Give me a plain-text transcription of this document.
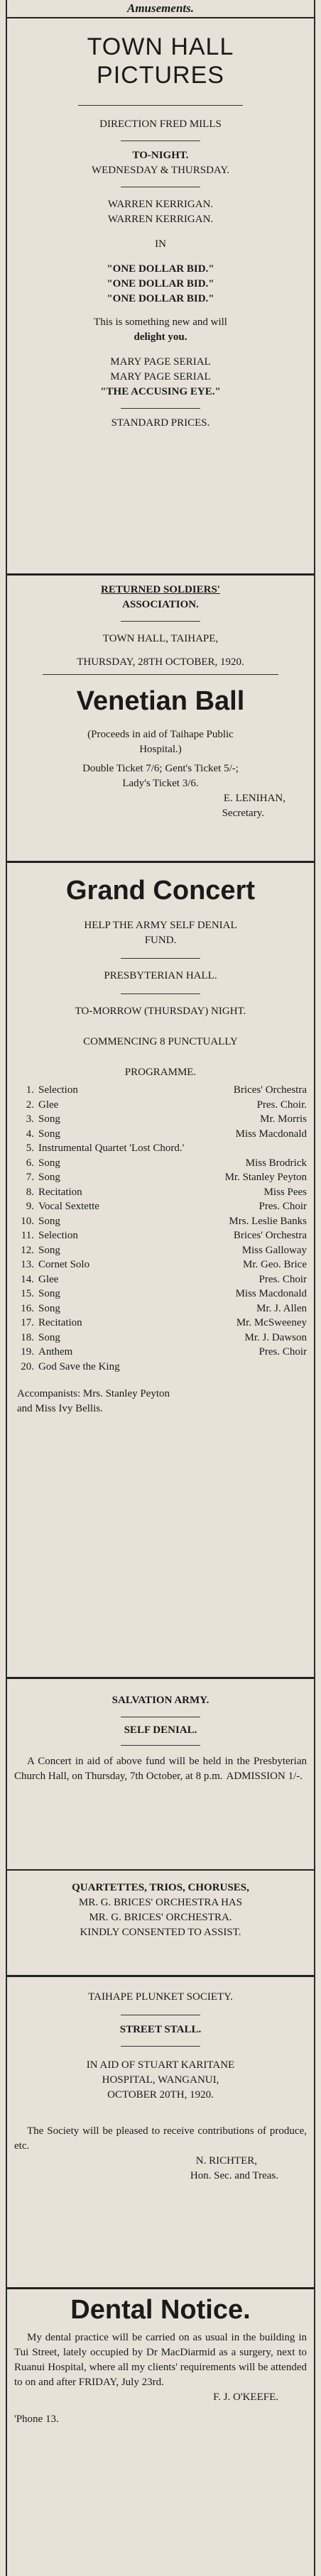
Amusements.
TOWN HALL
PICTURES
DIRECTION FRED MILLS
TO-NIGHT.
WEDNESDAY & THURSDAY.
WARREN KERRIGAN.
WARREN KERRIGAN.
IN
"ONE DOLLAR BID."
"ONE DOLLAR BID."
"ONE DOLLAR BID."
This is something new and will
delight you.
MARY PAGE SERIAL
MARY PAGE SERIAL
"THE ACCUSING EYE."
STANDARD PRICES.
RETURNED SOLDIERS'
ASSOCIATION.
TOWN HALL, TAIHAPE,
THURSDAY, 28TH OCTOBER, 1920.
Venetian Ball
(Proceeds in aid of Taihape Public
Hospital.)
Double Ticket 7/6; Gent's Ticket 5/-;
Lady's Ticket 3/6.
E. LENIHAN,
Secretary.
Grand Concert
HELP THE ARMY SELF DENIAL
FUND.
PRESBYTERIAN HALL.
TO-MORROW (THURSDAY) NIGHT.
COMMENCING 8 PUNCTUALLY
PROGRAMME.
1. Selection	Brices' Orchestra
2. Glee	Pres. Choir.
3. Song	Mr. Morris
4. Song	Miss Macdonald
5. Instrumental Quartet 'Lost Chord.'
6. Song	Miss Brodrick
7. Song	Mr. Stanley Peyton
8. Recitation	Miss Pees
9. Vocal Sextette	Pres. Choir
10. Song	Mrs. Leslie Banks
11. Selection	Brices' Orchestra
12. Song	Miss Galloway
13. Cornet Solo	Mr. Geo. Brice
14. Glee	Pres. Choir
15. Song	Miss Macdonald
16. Song	Mr. J. Allen
17. Recitation	Mr. McSweeney
18. Song	Mr. J. Dawson
19. Anthem	Pres. Choir
20. God Save the King
Accompanists: Mrs. Stanley Peyton
and Miss Ivy Bellis.
SALVATION ARMY.
SELF DENIAL.
A Concert in aid of above fund will be held in the Presbyterian Church Hall, on Thursday, 7th October, at 8 p.m. ADMISSION 1/-.
QUARTETTES, TRIOS, CHORUSES,
MR. G. BRICES' ORCHESTRA HAS
MR. G. BRICES' ORCHESTRA.
KINDLY CONSENTED TO ASSIST.
TAIHAPE PLUNKET SOCIETY.
STREET STALL.
IN AID OF STUART KARITANE
HOSPITAL, WANGANUI,
OCTOBER 20TH, 1920.
The Society will be pleased to receive contributions of produce, etc.
N. RICHTER,
Hon. Sec. and Treas.
Dental Notice.
My dental practice will be carried on as usual in the building in Tui Street, lately occupied by Dr MacDiarmid as a surgery, next to Ruanui Hospital, where all my clients' requirements will be attended to on and after FRIDAY, July 23rd.
F. J. O'KEEFE.
'Phone 13.
